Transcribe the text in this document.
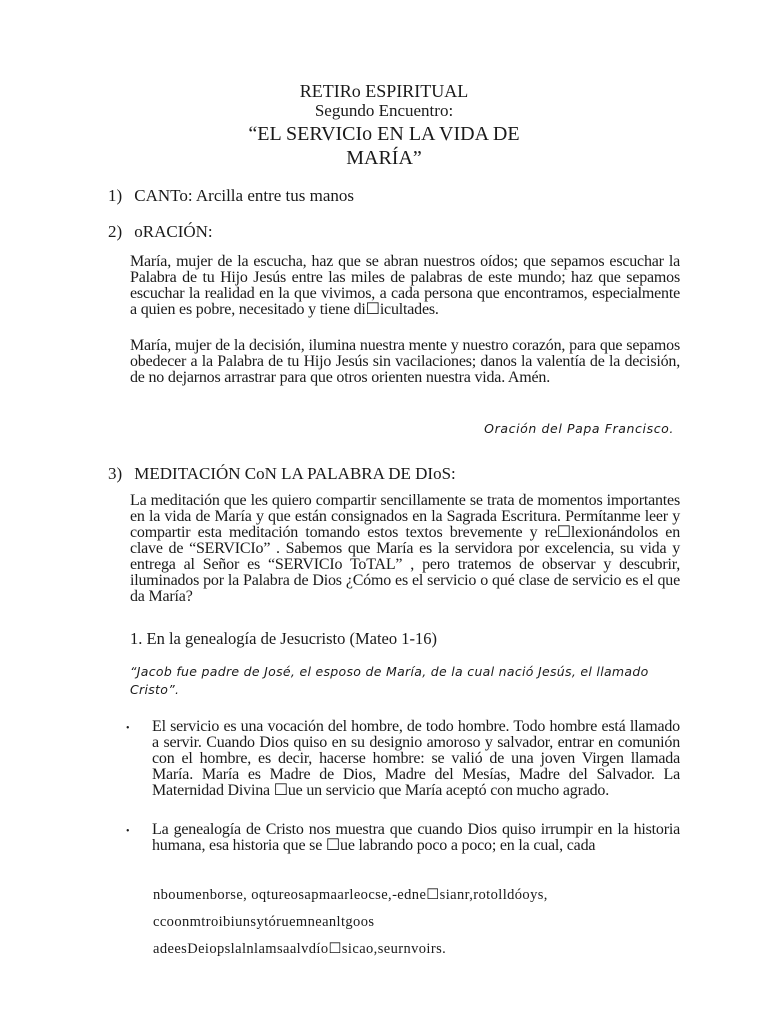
RETIRo ESPIRITUAL
Segundo Encuentro:
“EL SERVICIo EN LA VIDA DE
MARÍA”
1) CANTo: Arcilla entre tus manos
2) oRACIÓN:
María, mujer de la escucha, haz que se abran nuestros oídos; que sepamos escuchar la Palabra de tu Hijo Jesús entre las miles de palabras de este mundo; haz que sepamos escuchar la realidad en la que vivimos, a cada persona que encontramos, especialmente a quien es pobre, necesitado y tiene di☐icultades.
María, mujer de la decisión, ilumina nuestra mente y nuestro corazón, para que sepamos obedecer a la Palabra de tu Hijo Jesús sin vacilaciones; danos la valentía de la decisión, de no dejarnos arrastrar para que otros orienten nuestra vida. Amén.
Oración del Papa Francisco.
3) MEDITACIÓN CoN LA PALABRA DE DIoS:
La meditación que les quiero compartir sencillamente se trata de momentos importantes en la vida de María y que están consignados en la Sagrada Escritura. Permítanme leer y compartir esta meditación tomando estos textos brevemente y re☐lexionándolos en clave de “SERVICIo” . Sabemos que María es la servidora por excelencia, su vida y entrega al Señor es “SERVICIo ToTAL” , pero tratemos de observar y descubrir, iluminados por la Palabra de Dios ¿Cómo es el servicio o qué clase de servicio es el que da María?
1. En la genealogía de Jesucristo (Mateo 1-16)
“Jacob fue padre de José, el esposo de María, de la cual nació Jesús, el llamado Cristo”.
•	El servicio es una vocación del hombre, de todo hombre. Todo hombre está llamado a servir. Cuando Dios quiso en su designio amoroso y salvador, entrar en comunión con el hombre, es decir, hacerse hombre: se valió de una joven Virgen llamada María. María es Madre de Dios, Madre del Mesías, Madre del Salvador. La Maternidad Divina ☐ue un servicio que María aceptó con mucho agrado.
•	La genealogía de Cristo nos muestra que cuando Dios quiso irrumpir en la historia humana, esa historia que se ☐ue labrando poco a poco; en la cual, cada
nboumenborse, oqtureosapmaarleocse,-edne☐sianr,rotolldóoys,
ccoonmtroibiunsytóruemneanltgoos
adeesDeiopslalnlamsaalvdío☐sicao,seurnvoirs.
